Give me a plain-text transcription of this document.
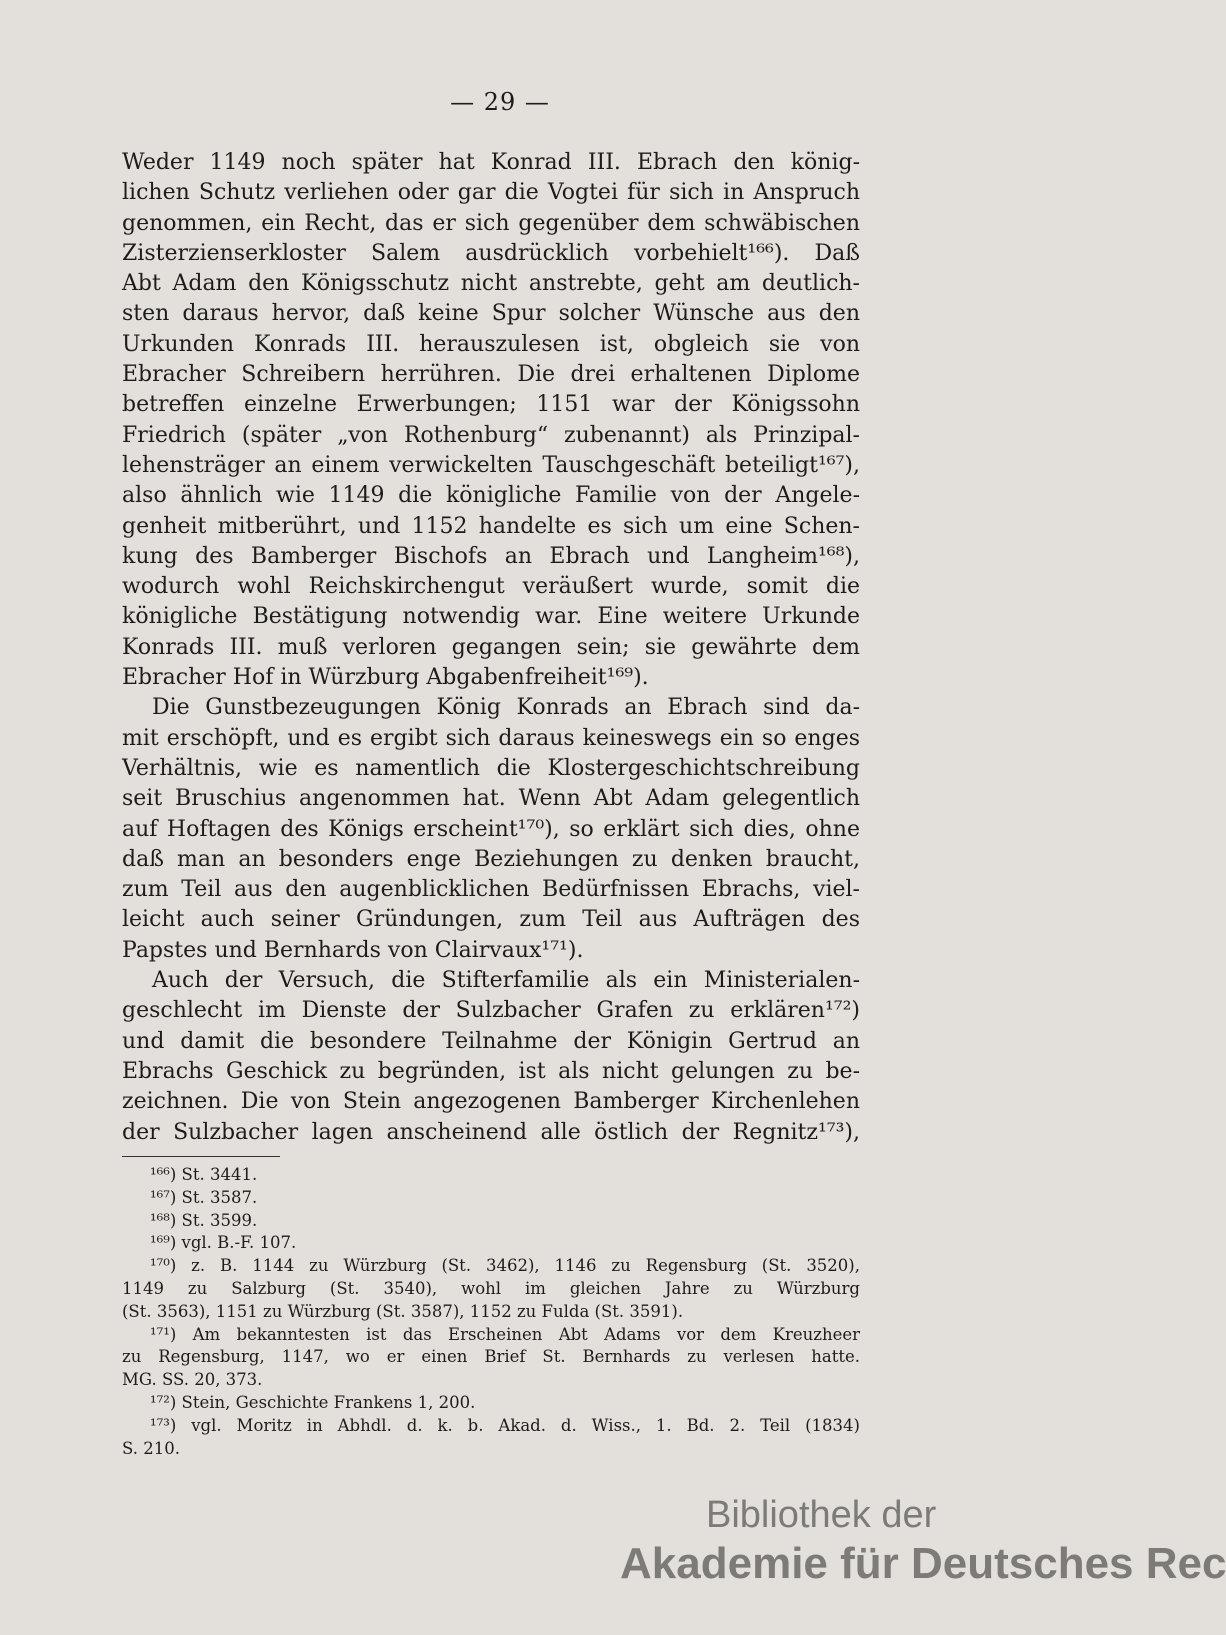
— 29 —
Weder 1149 noch später hat Konrad III. Ebrach den könig-
lichen Schutz verliehen oder gar die Vogtei für sich in Anspruch
genommen, ein Recht, das er sich gegenüber dem schwäbischen
Zisterzienserkloster Salem ausdrücklich vorbehielt¹⁶⁶). Daß
Abt Adam den Königsschutz nicht anstrebte, geht am deutlich-
sten daraus hervor, daß keine Spur solcher Wünsche aus den
Urkunden Konrads III. herauszulesen ist, obgleich sie von
Ebracher Schreibern herrühren. Die drei erhaltenen Diplome
betreffen einzelne Erwerbungen; 1151 war der Königssohn
Friedrich (später „von Rothenburg“ zubenannt) als Prinzipal-
lehensträger an einem verwickelten Tauschgeschäft beteiligt¹⁶⁷),
also ähnlich wie 1149 die königliche Familie von der Angele-
genheit mitberührt, und 1152 handelte es sich um eine Schen-
kung des Bamberger Bischofs an Ebrach und Langheim¹⁶⁸),
wodurch wohl Reichskirchengut veräußert wurde, somit die
königliche Bestätigung notwendig war. Eine weitere Urkunde
Konrads III. muß verloren gegangen sein; sie gewährte dem
Ebracher Hof in Würzburg Abgabenfreiheit¹⁶⁹).
Die Gunstbezeugungen König Konrads an Ebrach sind da-
mit erschöpft, und es ergibt sich daraus keineswegs ein so enges
Verhältnis, wie es namentlich die Klostergeschichtschreibung
seit Bruschius angenommen hat. Wenn Abt Adam gelegentlich
auf Hoftagen des Königs erscheint¹⁷⁰), so erklärt sich dies, ohne
daß man an besonders enge Beziehungen zu denken braucht,
zum Teil aus den augenblicklichen Bedürfnissen Ebrachs, viel-
leicht auch seiner Gründungen, zum Teil aus Aufträgen des
Papstes und Bernhards von Clairvaux¹⁷¹).
Auch der Versuch, die Stifterfamilie als ein Ministerialen-
geschlecht im Dienste der Sulzbacher Grafen zu erklären¹⁷²)
und damit die besondere Teilnahme der Königin Gertrud an
Ebrachs Geschick zu begründen, ist als nicht gelungen zu be-
zeichnen. Die von Stein angezogenen Bamberger Kirchenlehen
der Sulzbacher lagen anscheinend alle östlich der Regnitz¹⁷³),
¹⁶⁶) St. 3441.
¹⁶⁷) St. 3587.
¹⁶⁸) St. 3599.
¹⁶⁹) vgl. B.-F. 107.
¹⁷⁰) z. B. 1144 zu Würzburg (St. 3462), 1146 zu Regensburg (St. 3520),
1149 zu Salzburg (St. 3540), wohl im gleichen Jahre zu Würzburg
(St. 3563), 1151 zu Würzburg (St. 3587), 1152 zu Fulda (St. 3591).
¹⁷¹) Am bekanntesten ist das Erscheinen Abt Adams vor dem Kreuzheer
zu Regensburg, 1147, wo er einen Brief St. Bernhards zu verlesen hatte.
MG. SS. 20, 373.
¹⁷²) Stein, Geschichte Frankens 1, 200.
¹⁷³) vgl. Moritz in Abhdl. d. k. b. Akad. d. Wiss., 1. Bd. 2. Teil (1834)
S. 210.
Bibliothek der
Akademie für Deutsches Rec
